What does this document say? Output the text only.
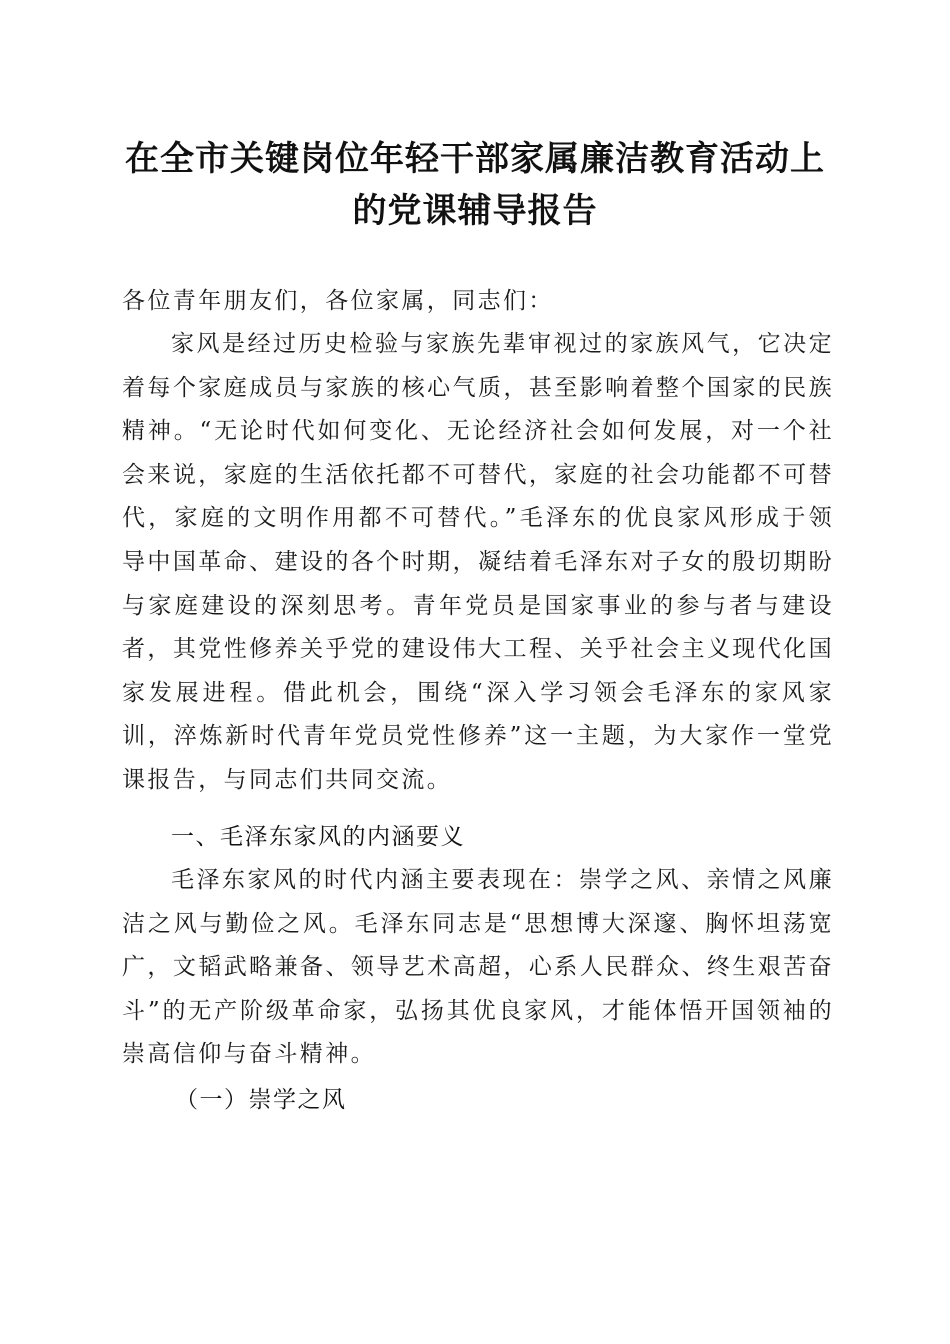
在全市关键岗位年轻干部家属廉洁教育活动上
的党课辅导报告

各位青年朋友们，各位家属，同志们：

家风是经过历史检验与家族先辈审视过的家族风气，它决定着每个家庭成员与家族的核心气质，甚至影响着整个国家的民族精神。“无论时代如何变化、无论经济社会如何发展，对一个社会来说，家庭的生活依托都不可替代，家庭的社会功能都不可替代，家庭的文明作用都不可替代。”毛泽东的优良家风形成于领导中国革命、建设的各个时期，凝结着毛泽东对子女的殷切期盼与家庭建设的深刻思考。青年党员是国家事业的参与者与建设者，其党性修养关乎党的建设伟大工程、关乎社会主义现代化国家发展进程。借此机会，围绕“深入学习领会毛泽东的家风家训，淬炼新时代青年党员党性修养”这一主题，为大家作一堂党课报告，与同志们共同交流。

一、毛泽东家风的内涵要义

毛泽东家风的时代内涵主要表现在：崇学之风、亲情之风廉洁之风与勤俭之风。毛泽东同志是“思想博大深邃、胸怀坦荡宽广，文韬武略兼备、领导艺术高超，心系人民群众、终生艰苦奋斗”的无产阶级革命家，弘扬其优良家风，才能体悟开国领袖的崇高信仰与奋斗精神。

（一）崇学之风
